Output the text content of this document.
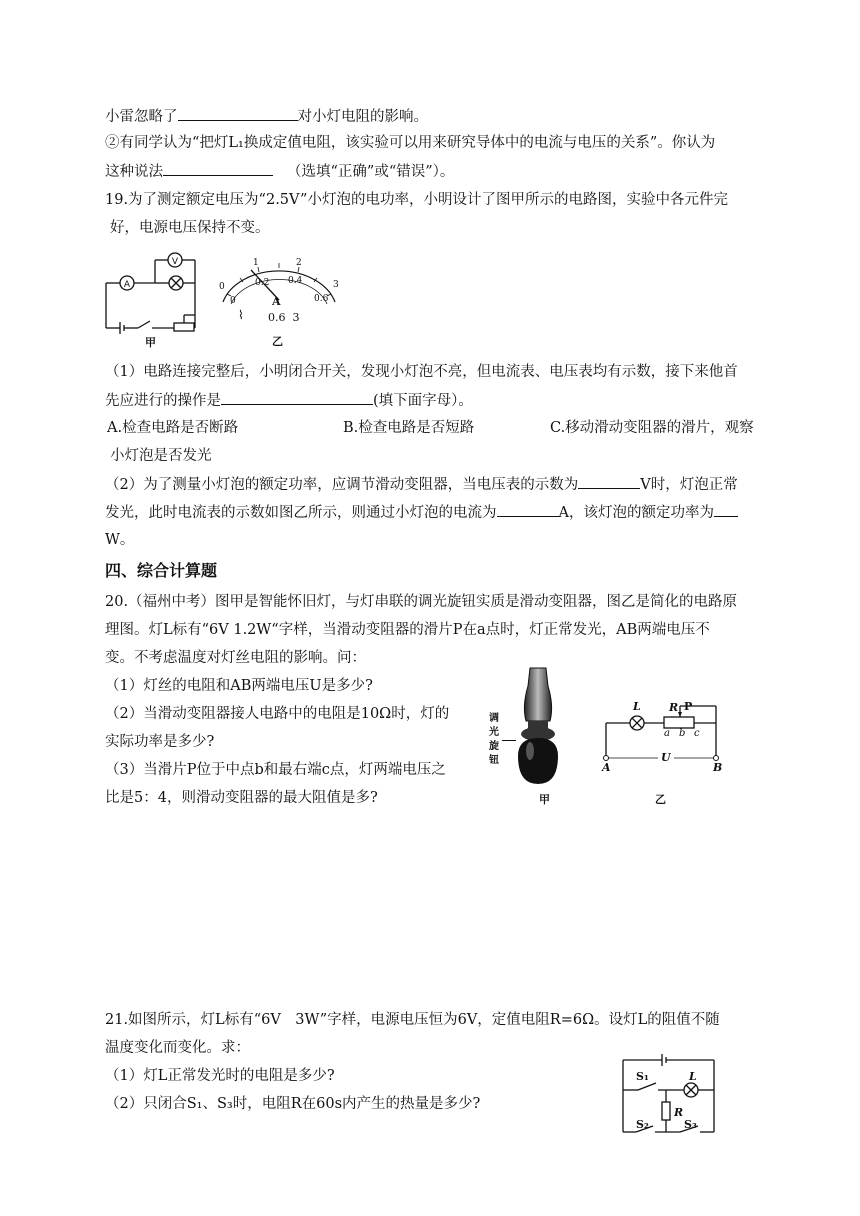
小雷忽略了	对小灯电阻的影响。
②有同学认为“把灯L₁换成定值电阻，该实验可以用来研究导体中的电流与电压的关系”。你认为
这种说法	（选填“正确”或“错误”）。
19.为了测定额定电压为“2.5V”小灯泡的电功率，小明设计了图甲所示的电路图，实验中各元件完
好，电源电压保持不变。
A
V
甲
0
1	2
3
0
0.2 0.4
0.6
A
0.6  3
⌇
乙
（1）电路连接完整后，小明闭合开关，发现小灯泡不亮，但电流表、电压表均有示数，接下来他首
先应进行的操作是	(填下面字母）。
A.检查电路是否断路	B.检查电路是否短路	C.移动滑动变阻器的滑片，观察
小灯泡是否发光
（2）为了测量小灯泡的额定功率，应调节滑动变阻器，当电压表的示数为	V时，灯泡正常
发光，此时电流表的示数如图乙所示，则通过小灯泡的电流为	A，该灯泡的额定功率为
W。
四、综合计算题
20.（福州中考）图甲是智能怀旧灯，与灯串联的调光旋钮实质是滑动变阻器，图乙是简化的电路原
理图。灯L标有“6V 1.2W“字样，当滑动变阻器的滑片P在a点时，灯正常发光，AB两端电压不
变。不考虑温度对灯丝电阻的影响。问：
（1）灯丝的电阻和AB两端电压U是多少?
（2）当滑动变阻器接人电路中的电阻是10Ω时，灯的
实际功率是多少?
（3）当滑片P位于中点b和最右端c点，灯两端电压之
比是5：4，则滑动变阻器的最大阻值是多?
调
光
旋
钮
甲
L	R P
a b c
A
U
B
乙
21.如图所示，灯L标有“6V　3W”字样，电源电压恒为6V，定值电阻R=6Ω。设灯L的阻值不随
温度变化而变化。求：
（1）灯L正常发光时的电阻是多少?
（2）只闭合S₁、S₃时，电阻R在60s内产生的热量是多少?
S₁	L
R
S₂	S₃
